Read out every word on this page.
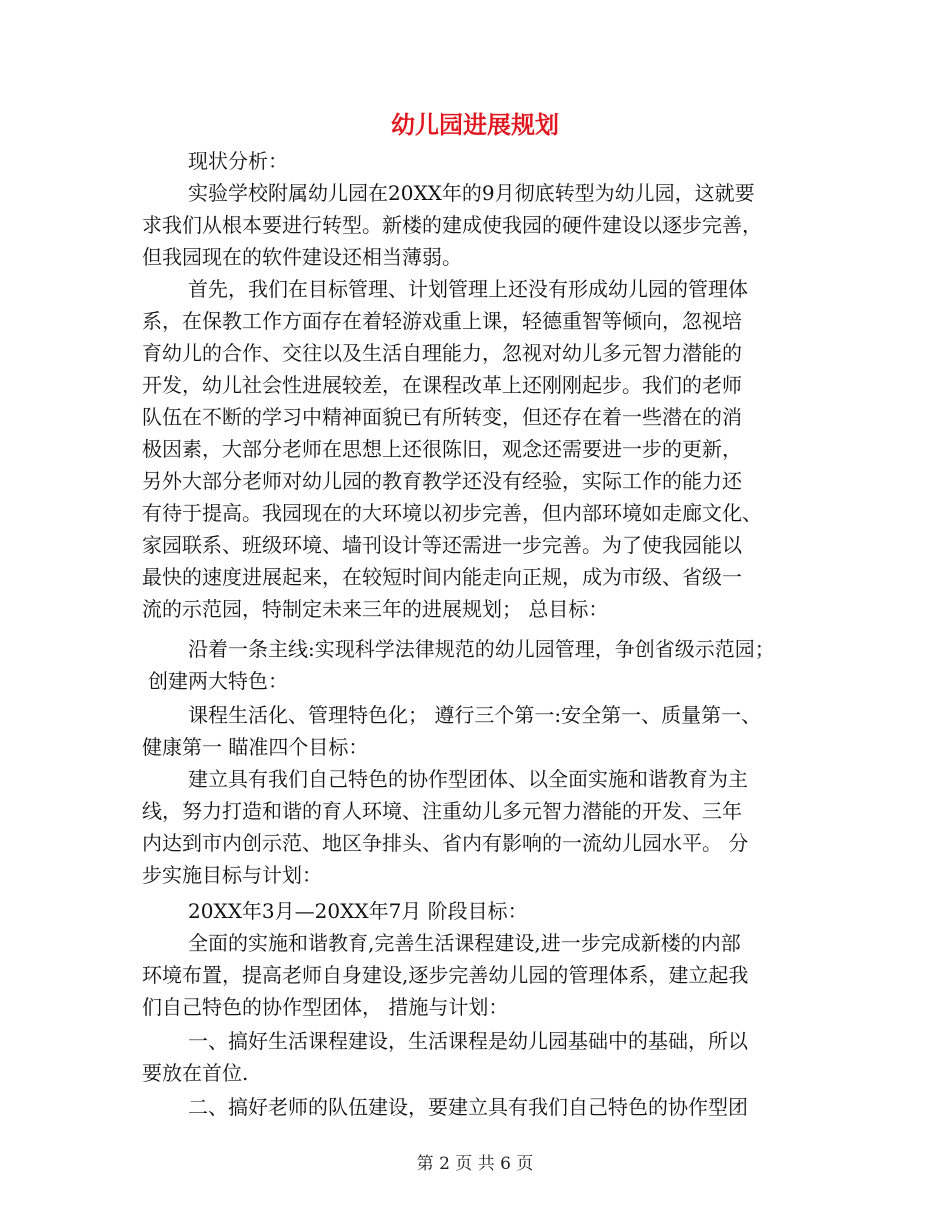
幼儿园进展规划
现状分析：
实验学校附属幼儿园在20XX年的9月彻底转型为幼儿园，这就要
求我们从根本要进行转型。新楼的建成使我园的硬件建设以逐步完善，
但我园现在的软件建设还相当薄弱。
首先，我们在目标管理、计划管理上还没有形成幼儿园的管理体
系，在保教工作方面存在着轻游戏重上课，轻德重智等倾向，忽视培
育幼儿的合作、交往以及生活自理能力，忽视对幼儿多元智力潜能的
开发，幼儿社会性进展较差，在课程改革上还刚刚起步。我们的老师
队伍在不断的学习中精神面貌已有所转变，但还存在着一些潜在的消
极因素，大部分老师在思想上还很陈旧，观念还需要进一步的更新，
另外大部分老师对幼儿园的教育教学还没有经验，实际工作的能力还
有待于提高。我园现在的大环境以初步完善，但内部环境如走廊文化、
家园联系、班级环境、墙刊设计等还需进一步完善。为了使我园能以
最快的速度进展起来，在较短时间内能走向正规，成为市级、省级一
流的示范园，特制定未来三年的进展规划； 总目标：
沿着一条主线:实现科学法律规范的幼儿园管理，争创省级示范园；
创建两大特色：
课程生活化、管理特色化； 遵行三个第一:安全第一、质量第一、
健康第一 瞄准四个目标：
建立具有我们自己特色的协作型团体、以全面实施和谐教育为主
线，努力打造和谐的育人环境、注重幼儿多元智力潜能的开发、三年
内达到市内创示范、地区争排头、省内有影响的一流幼儿园水平。 分
步实施目标与计划：
20XX年3月—20XX年7月 阶段目标：
全面的实施和谐教育,完善生活课程建设,进一步完成新楼的内部
环境布置，提高老师自身建设,逐步完善幼儿园的管理体系，建立起我
们自己特色的协作型团体， 措施与计划：
一、搞好生活课程建设，生活课程是幼儿园基础中的基础，所以
要放在首位.
二、搞好老师的队伍建设，要建立具有我们自己特色的协作型团
第 2 页 共 6 页
